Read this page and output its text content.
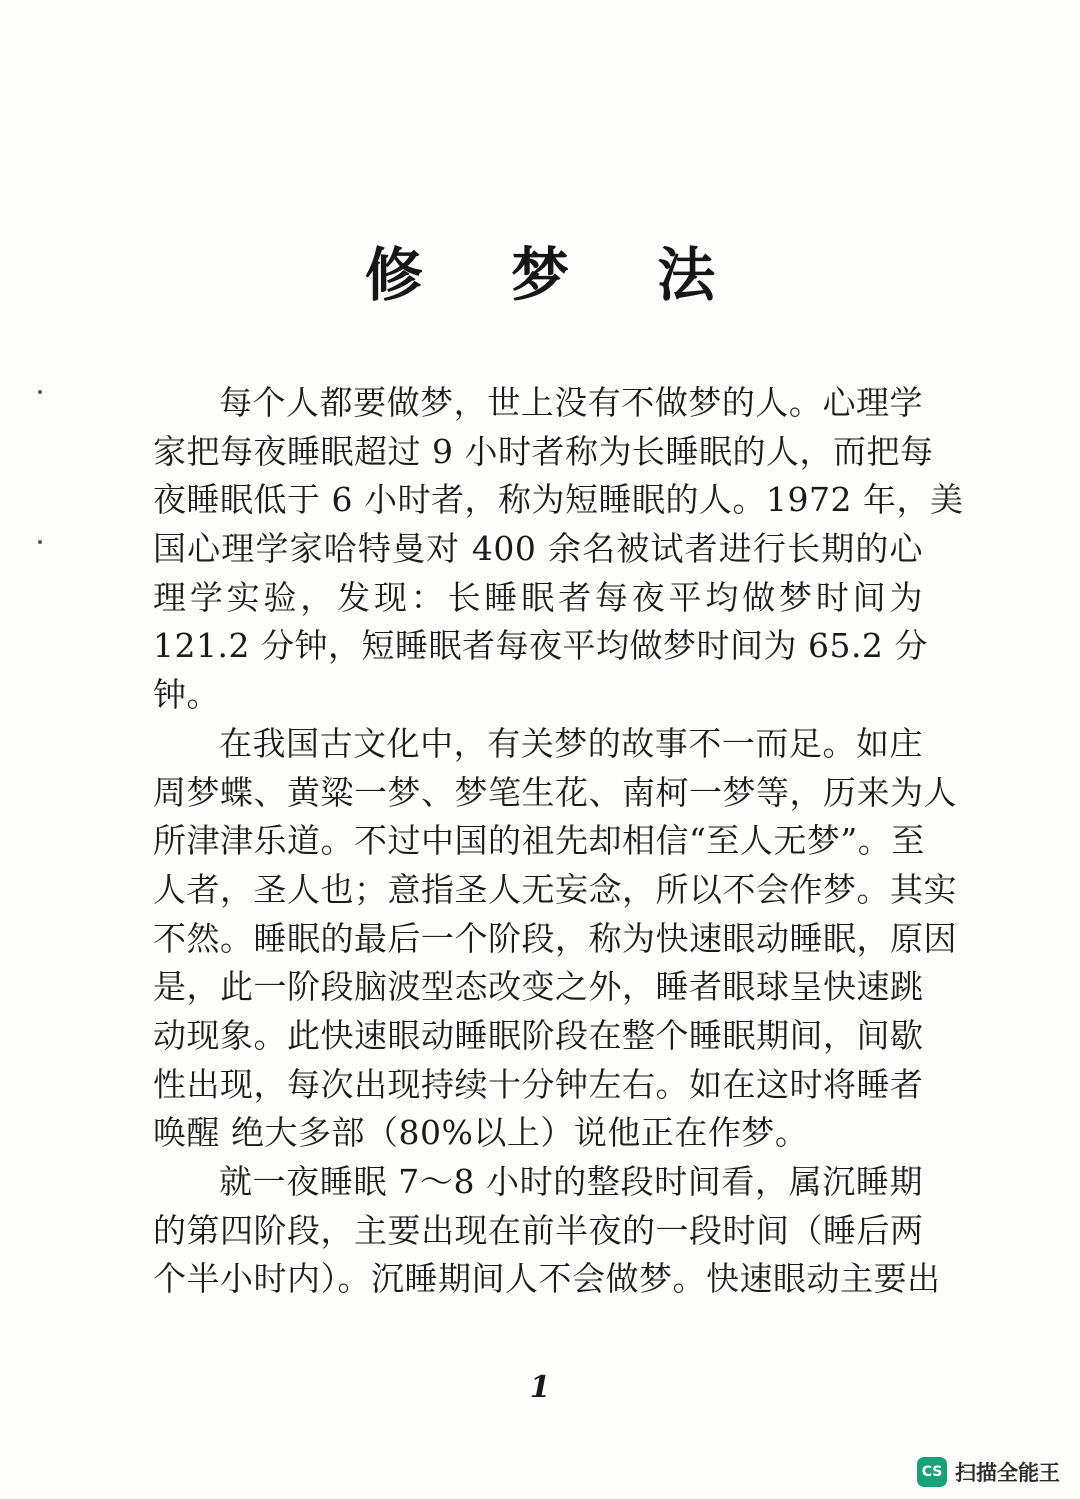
修 梦 法
每个人都要做梦，世上没有不做梦的人。心理学
家把每夜睡眠超过 9 小时者称为长睡眠的人，而把每
夜睡眠低于 6 小时者，称为短睡眠的人。1972 年，美
国心理学家哈特曼对 400 余名被试者进行长期的心
理学实验，发现：长睡眠者每夜平均做梦时间为
121.2 分钟，短睡眠者每夜平均做梦时间为 65.2 分
钟。
在我国古文化中，有关梦的故事不一而足。如庄
周梦蝶、黄粱一梦、梦笔生花、南柯一梦等，历来为人
所津津乐道。不过中国的祖先却相信“至人无梦”。至
人者，圣人也；意指圣人无妄念，所以不会作梦。其实
不然。睡眠的最后一个阶段，称为快速眼动睡眠，原因
是，此一阶段脑波型态改变之外，睡者眼球呈快速跳
动现象。此快速眼动睡眠阶段在整个睡眠期间，间歇
性出现，每次出现持续十分钟左右。如在这时将睡者
唤醒 绝大多部（80%以上）说他正在作梦。
就一夜睡眠 7～8 小时的整段时间看，属沉睡期
的第四阶段，主要出现在前半夜的一段时间（睡后两
个半小时内）。沉睡期间人不会做梦。快速眼动主要出
1
CS 扫描全能王
